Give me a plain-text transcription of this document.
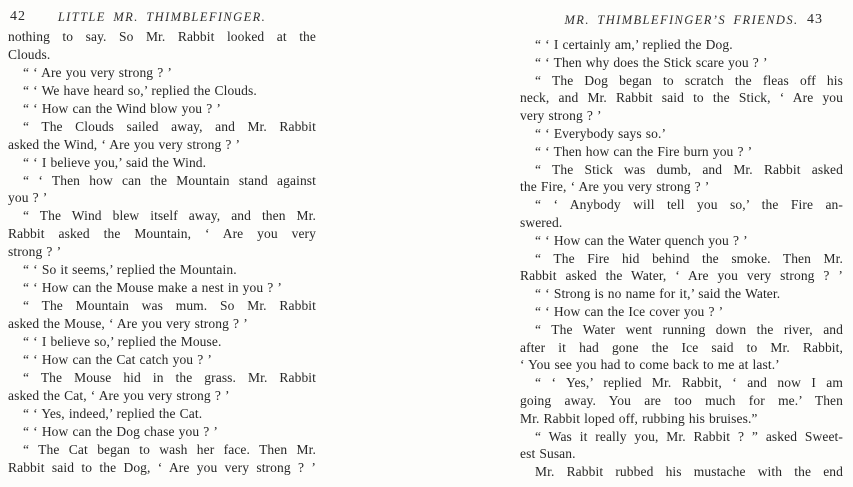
42	LITTLE MR. THIMBLEFINGER.
nothing to say. So Mr. Rabbit looked at the
Clouds.
“ ‘ Are you very strong ? ’
“ ‘ We have heard so,’ replied the Clouds.
“ ‘ How can the Wind blow you ? ’
“ The Clouds sailed away, and Mr. Rabbit
asked the Wind, ‘ Are you very strong ? ’
“ ‘ I believe you,’ said the Wind.
“ ‘ Then how can the Mountain stand against
you ? ’
“ The Wind blew itself away, and then Mr.
Rabbit asked the Mountain, ‘ Are you very
strong ? ’
“ ‘ So it seems,’ replied the Mountain.
“ ‘ How can the Mouse make a nest in you ? ’
“ The Mountain was mum. So Mr. Rabbit
asked the Mouse, ‘ Are you very strong ? ’
“ ‘ I believe so,’ replied the Mouse.
“ ‘ How can the Cat catch you ? ’
“ The Mouse hid in the grass. Mr. Rabbit
asked the Cat, ‘ Are you very strong ? ’
“ ‘ Yes, indeed,’ replied the Cat.
“ ‘ How can the Dog chase you ? ’
“ The Cat began to wash her face. Then Mr.
Rabbit said to the Dog, ‘ Are you very strong ? ’
MR. THIMBLEFINGER’S FRIENDS. 43
“ ‘ I certainly am,’ replied the Dog.
“ ‘ Then why does the Stick scare you ? ’
“ The Dog began to scratch the fleas off his
neck, and Mr. Rabbit said to the Stick, ‘ Are you
very strong ? ’
“ ‘ Everybody says so.’
“ ‘ Then how can the Fire burn you ? ’
“ The Stick was dumb, and Mr. Rabbit asked
the Fire, ‘ Are you very strong ? ’
“ ‘ Anybody will tell you so,’ the Fire an-
swered.
“ ‘ How can the Water quench you ? ’
“ The Fire hid behind the smoke. Then Mr.
Rabbit asked the Water, ‘ Are you very strong ? ’
“ ‘ Strong is no name for it,’ said the Water.
“ ‘ How can the Ice cover you ? ’
“ The Water went running down the river, and
after it had gone the Ice said to Mr. Rabbit,
‘ You see you had to come back to me at last.’
“ ‘ Yes,’ replied Mr. Rabbit, ‘ and now I am
going away. You are too much for me.’ Then
Mr. Rabbit loped off, rubbing his bruises.”
“ Was it really you, Mr. Rabbit ? ” asked Sweet-
est Susan.
Mr. Rabbit rubbed his mustache with the end
